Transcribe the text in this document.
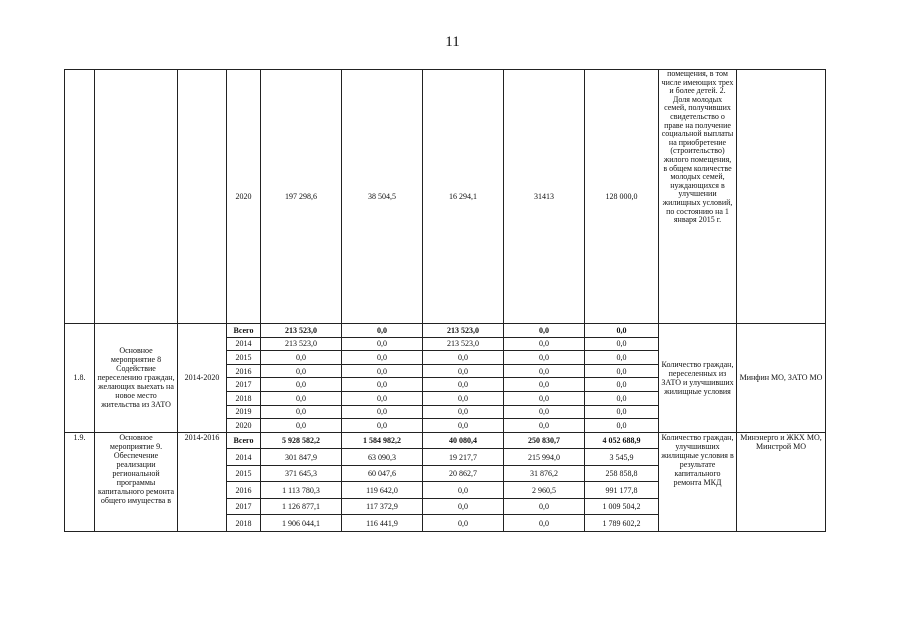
11
			2020	197 298,6	38 504,5	16 294,1	31413	128 000,0	помещения, в том числе имеющих трех и более детей. 2. Доля молодых семей, получивших свидетельство о праве на получение социальной выплаты на приобретение (строительство) жилого помещения, в общем количестве молодых семей, нуждающихся в улучшении жилищных условий, по состоянию на 1 января 2015 г.	
1.8.	Основное мероприятие 8 Содействие переселению граждан, желающих выехать на новое место жительства из ЗАТО	2014-2020	Всего	213 523,0	0,0	213 523,0	0,0	0,0	Количество граждан, переселенных из ЗАТО и улучшивших жилищные условия	Минфин МО, ЗАТО МО
			2014	213 523,0	0,0	213 523,0	0,0	0,0		
			2015	0,0	0,0	0,0	0,0	0,0		
			2016	0,0	0,0	0,0	0,0	0,0		
			2017	0,0	0,0	0,0	0,0	0,0		
			2018	0,0	0,0	0,0	0,0	0,0		
			2019	0,0	0,0	0,0	0,0	0,0		
			2020	0,0	0,0	0,0	0,0	0,0		
1.9.	Основное мероприятие 9. Обеспечение реализации региональной программы капитального ремонта общего имущества в	2014-2016	Всего	5 928 582,2	1 584 982,2	40 080,4	250 830,7	4 052 688,9	Количество граждан, улучшивших жилищные условия в результате капитального ремонта МКД	Минэнерго и ЖКХ МО, Минстрой МО
			2014	301 847,9	63 090,3	19 217,7	215 994,0	3 545,9		
			2015	371 645,3	60 047,6	20 862,7	31 876,2	258 858,8		
			2016	1 113 780,3	119 642,0	0,0	2 960,5	991 177,8		
			2017	1 126 877,1	117 372,9	0,0	0,0	1 009 504,2		
			2018	1 906 044,1	116 441,9	0,0	0,0	1 789 602,2		
